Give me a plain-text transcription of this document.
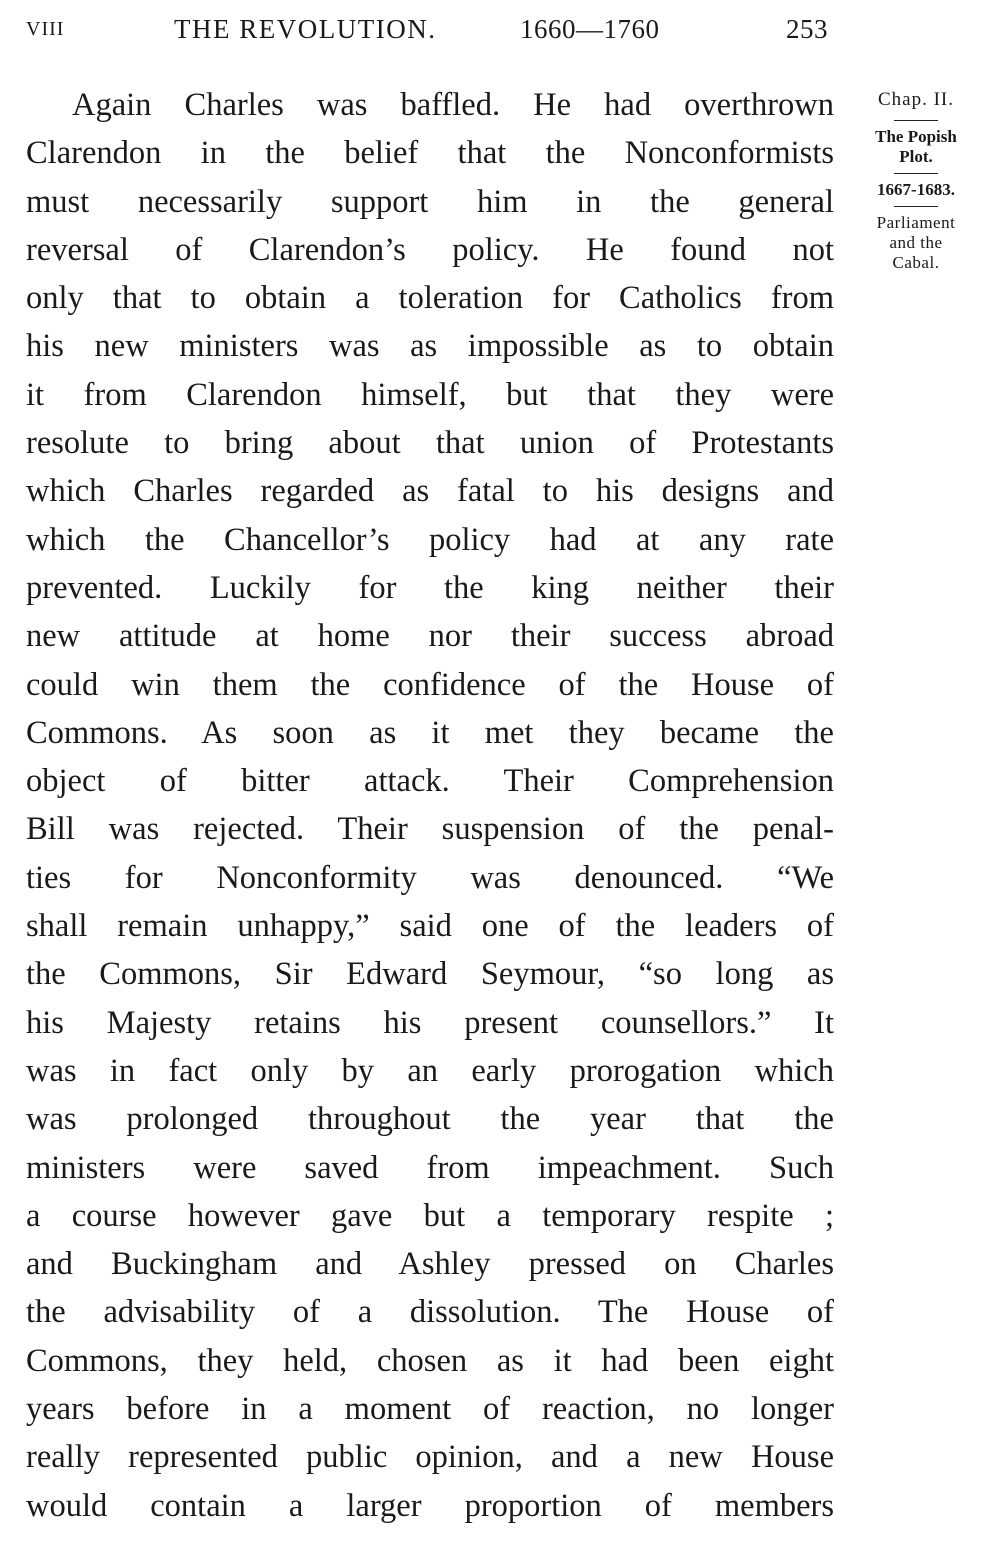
VIII	THE REVOLUTION.	1660—1760	253
Again Charles was baffled. He had overthrown
Clarendon in the belief that the Nonconformists
must necessarily support him in the general
reversal of Clarendon’s policy. He found not
only that to obtain a toleration for Catholics from
his new ministers was as impossible as to obtain
it from Clarendon himself, but that they were
resolute to bring about that union of Protestants
which Charles regarded as fatal to his designs and
which the Chancellor’s policy had at any rate
prevented. Luckily for the king neither their
new attitude at home nor their success abroad
could win them the confidence of the House of
Commons. As soon as it met they became the
object of bitter attack. Their Comprehension
Bill was rejected. Their suspension of the penal-
ties for Nonconformity was denounced. “We
shall remain unhappy,” said one of the leaders of
the Commons, Sir Edward Seymour, “so long as
his Majesty retains his present counsellors.” It
was in fact only by an early prorogation which
was prolonged throughout the year that the
ministers were saved from impeachment. Such
a course however gave but a temporary respite ;
and Buckingham and Ashley pressed on Charles
the advisability of a dissolution. The House of
Commons, they held, chosen as it had been eight
years before in a moment of reaction, no longer
really represented public opinion, and a new House
would contain a larger proportion of members
Chap. II.
The Popish
Plot.
1667-1683.
Parliament
and the
Cabal.
